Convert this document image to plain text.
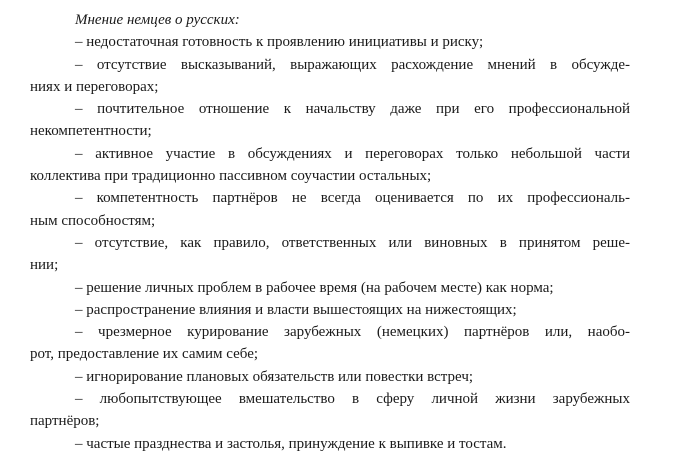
Мнение немцев о русских:

– недостаточная готовность к проявлению инициативы и риску;
– отсутствие высказываний, выражающих расхождение мнений в обсужде-
ниях и переговорах;
– почтительное отношение к начальству даже при его профессиональной
некомпетентности;
– активное участие в обсуждениях и переговорах только небольшой части
коллектива при традиционно пассивном соучастии остальных;
– компетентность партнёров не всегда оценивается по их профессиональ-
ным способностям;
– отсутствие, как правило, ответственных или виновных в принятом реше-
нии;
– решение личных проблем в рабочее время (на рабочем месте) как норма;
– распространение влияния и власти вышестоящих на нижестоящих;
– чрезмерное курирование зарубежных (немецких) партнёров или, наобо-
рот, предоставление их самим себе;
– игнорирование плановых обязательств или повестки встреч;
– любопытствующее вмешательство в сферу личной жизни зарубежных
партнёров;
– частые празднества и застолья, принуждение к выпивке и тостам.
